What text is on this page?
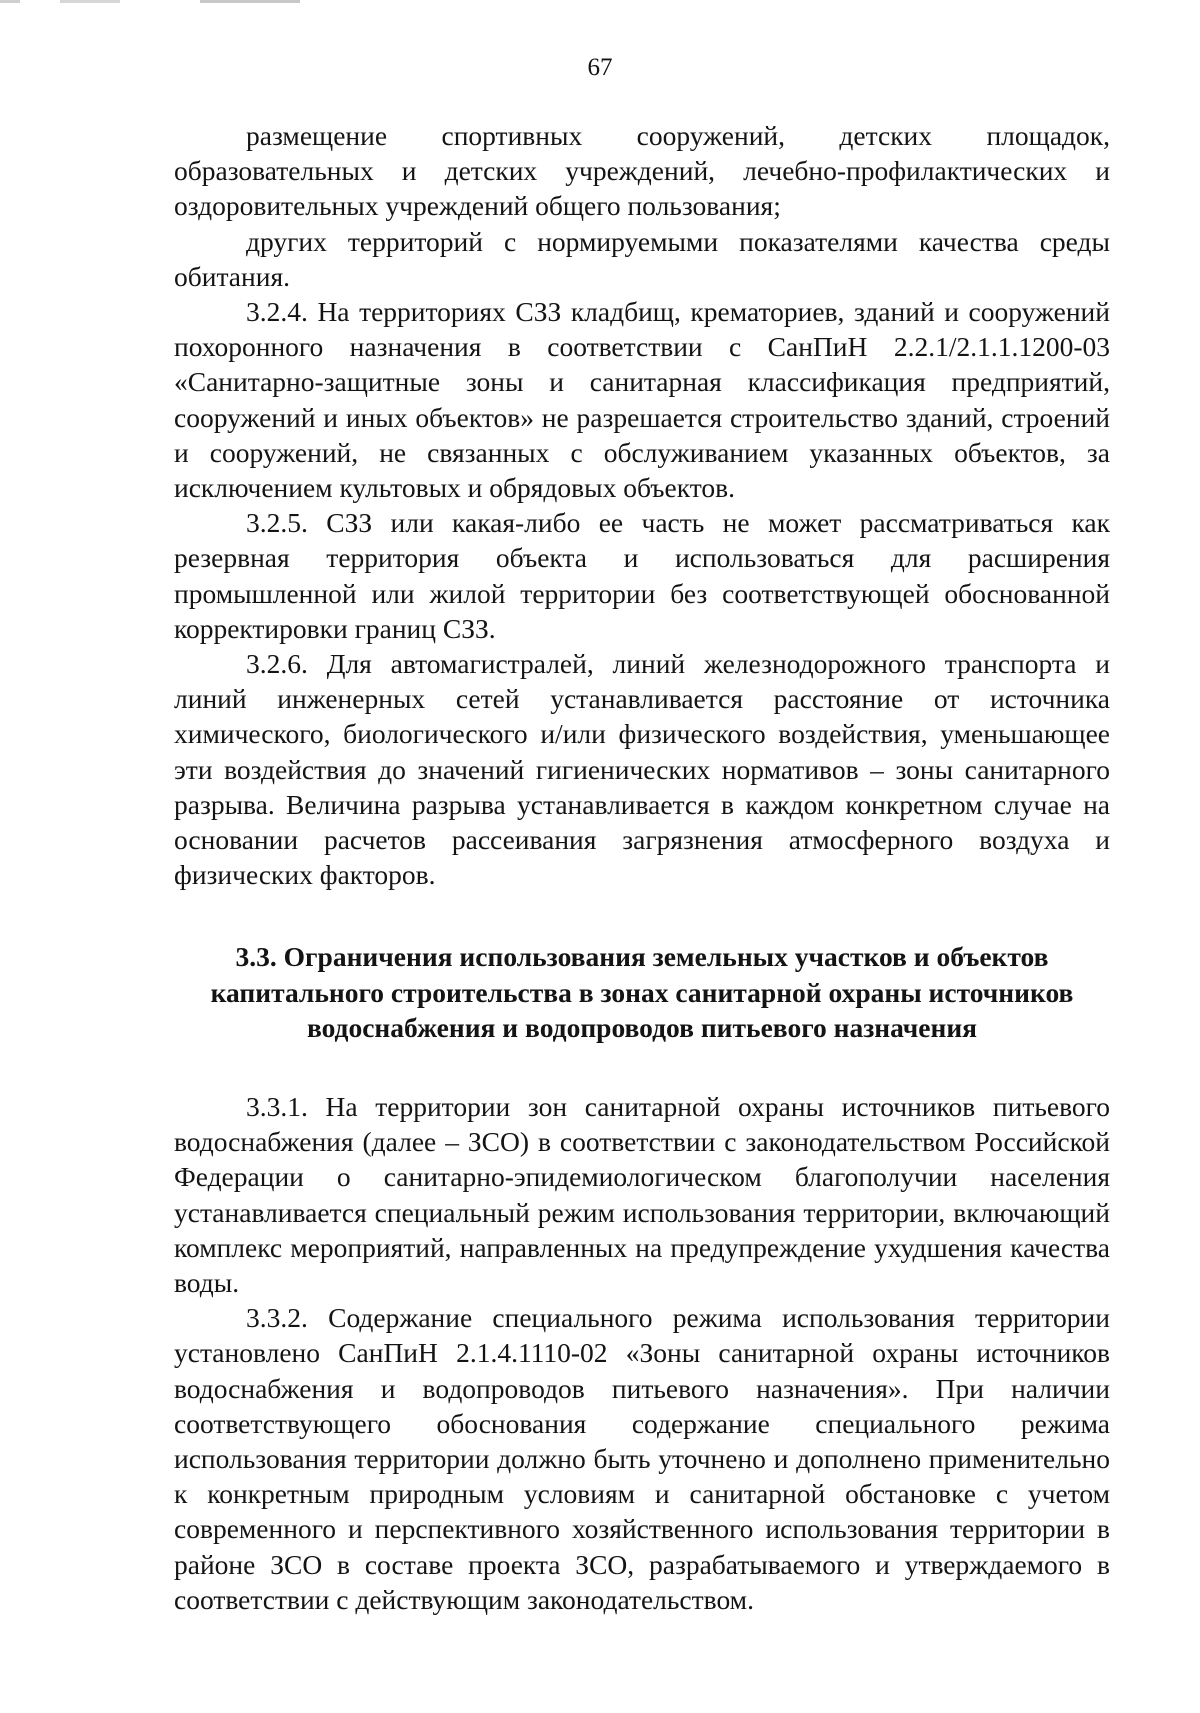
67

размещение спортивных сооружений, детских площадок, образовательных и детских учреждений, лечебно-профилактических и оздоровительных учреждений общего пользования;

других территорий с нормируемыми показателями качества среды обитания.

3.2.4. На территориях СЗЗ кладбищ, крематориев, зданий и сооружений похоронного назначения в соответствии с СанПиН 2.2.1/2.1.1.1200-03 «Санитарно-защитные зоны и санитарная классификация предприятий, сооружений и иных объектов» не разрешается строительство зданий, строений и сооружений, не связанных с обслуживанием указанных объектов, за исключением культовых и обрядовых объектов.

3.2.5. СЗЗ или какая-либо ее часть не может рассматриваться как резервная территория объекта и использоваться для расширения промышленной или жилой территории без соответствующей обоснованной корректировки границ СЗЗ.

3.2.6. Для автомагистралей, линий железнодорожного транспорта и линий инженерных сетей устанавливается расстояние от источника химического, биологического и/или физического воздействия, уменьшающее эти воздействия до значений гигиенических нормативов – зоны санитарного разрыва. Величина разрыва устанавливается в каждом конкретном случае на основании расчетов рассеивания загрязнения атмосферного воздуха и физических факторов.

3.3. Ограничения использования земельных участков и объектов
капитального строительства в зонах санитарной охраны источников
водоснабжения и водопроводов питьевого назначения

3.3.1. На территории зон санитарной охраны источников питьевого водоснабжения (далее – ЗСО) в соответствии с законодательством Российской Федерации о санитарно-эпидемиологическом благополучии населения устанавливается специальный режим использования территории, включающий комплекс мероприятий, направленных на предупреждение ухудшения качества воды.

3.3.2. Содержание специального режима использования территории установлено СанПиН 2.1.4.1110-02 «Зоны санитарной охраны источников водоснабжения и водопроводов питьевого назначения». При наличии соответствующего обоснования содержание специального режима использования территории должно быть уточнено и дополнено применительно к конкретным природным условиям и санитарной обстановке с учетом современного и перспективного хозяйственного использования территории в районе ЗСО в составе проекта ЗСО, разрабатываемого и утверждаемого в соответствии с действующим законодательством.
